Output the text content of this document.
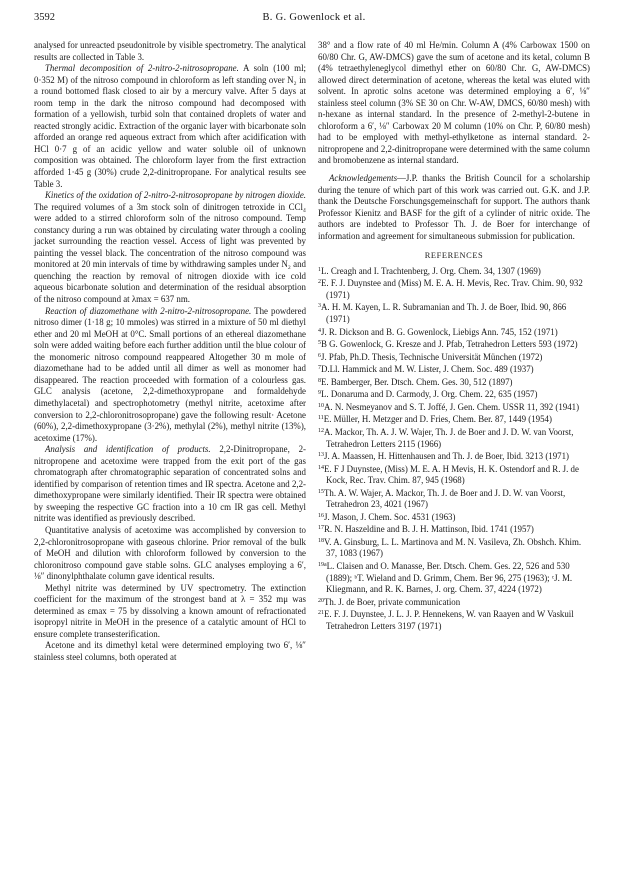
3592	B. G. Gowenlock et al.

analysed for unreacted pseudonitrole by visible spectrometry. The analytical results are collected in Table 3.

Thermal decomposition of 2-nitro-2-nitrosopropane. A soln (100 ml; 0·352 M) of the nitroso compound in chloroform as left standing over N₂ in a round bottomed flask closed to air by a mercury valve. After 5 days at room temp in the dark the nitroso compound had decomposed with formation of a yellowish, turbid soln that contained droplets of water and reacted strongly acidic. Extraction of the organic layer with bicarbonate soln afforded an orange red aqueous extract from which after acidification with HCl 0·7 g of an acidic yellow and water soluble oil of unknown composition was obtained. The chloroform layer from the first extraction afforded 1·45 g (30%) crude 2,2-dinitropropane. For analytical results see Table 3.

Kinetics of the oxidation of 2-nitro-2-nitrosopropane by nitrogen dioxide. The required volumes of a 3m stock soln of dinitrogen tetroxide in CCl₄ were added to a stirred chloroform soln of the nitroso compound. Temp constancy during a run was obtained by circulating water through a cooling jacket surrounding the reaction vessel. Access of light was prevented by painting the vessel black. The concentration of the nitroso compound was monitored at 20 min intervals of time by withdrawing samples under N₂ and quenching the reaction by removal of nitrogen dioxide with ice cold aqueous bicarbonate solution and determination of the residual absorption of the nitroso compound at λmax = 637 nm.

Reaction of diazomethane with 2-nitro-2-nitrosopropane. The powdered nitroso dimer (1·18 g; 10 mmoles) was stirred in a mixture of 50 ml diethyl ether and 20 ml MeOH at 0°C. Small portions of an ethereal diazomethane soln were added waiting before each further addition until the blue colour of the monomeric nitroso compound reappeared Altogether 30 m mole of diazomethane had to be added until all dimer as well as monomer had disappeared. The reaction proceeded with formation of a colourless gas. GLC analysis (acetone, 2,2-dimethoxypropane and formaldehyde dimethylacetal) and spectrophotometry (methyl nitrite, acetoxime after conversion to 2,2-chloronitrosopropane) gave the following result· Acetone (60%), 2,2-dimethoxypropane (3·2%), methylal (2%), methyl nitrite (13%), acetoxime (17%).

Analysis and identification of products. 2,2-Dinitropropane, 2-nitropropene and acetoxime were trapped from the exit port of the gas chromatograph after chromatographic separation of concentrated solns and identified by comparison of retention times and IR spectra. Acetone and 2,2-dimethoxypropane were similarly identified. Their IR spectra were obtained by sweeping the respective GC fraction into a 10 cm IR gas cell. Methyl nitrite was identified as previously described.

Quantitative analysis of acetoxime was accomplished by conversion to 2,2-chloronitrosopropane with gaseous chlorine. Prior removal of the bulk of MeOH and dilution with chloroform followed by conversion to the chloronitroso compound gave stable solns. GLC analyses employing a 6′, ⅛″ dinonylphthalate column gave identical results.

Methyl nitrite was determined by UV spectrometry. The extinction coefficient for the maximum of the strongest band at λ = 352 mμ was determined as εmax = 75 by dissolving a known amount of refractionated isopropyl nitrite in MeOH in the presence of a catalytic amount of HCl to ensure complete transesterification.

Acetone and its dimethyl ketal were determined employing two 6′, ⅛″ stainless steel columns, both operated at

38° and a flow rate of 40 ml He/min. Column A (4% Carbowax 1500 on 60/80 Chr. G, AW-DMCS) gave the sum of acetone and its ketal, column B (4% tetraethyleneglycol dimethyl ether on 60/80 Chr. G, AW-DMCS) allowed direct determination of acetone, whereas the ketal was eluted with solvent. In aprotic solns acetone was determined employing a 6′, ⅛″ stainless steel column (3% SE 30 on Chr. W-AW, DMCS, 60/80 mesh) with n-hexane as internal standard. In the presence of 2-methyl-2-butene in chloroform a 6′, ⅛″ Carbowax 20 M column (10% on Chr. P, 60/80 mesh) had to be employed with methyl-ethylketone as internal standard. 2-nitropropene and 2,2-dinitropropane were determined with the same column and bromobenzene as internal standard.

Acknowledgements—J.P. thanks the British Council for a scholarship during the tenure of which part of this work was carried out. G.K. and J.P. thank the Deutsche Forschungsgemeinschaft for support. The authors thank Professor Kienitz and BASF for the gift of a cylinder of nitric oxide. The authors are indebted to Professor Th. J. de Boer for interchange of information and agreement for simultaneous submission for publication.

REFERENCES

$^1$L. Creagh and I. Trachtenberg, J. Org. Chem. 34, 1307 (1969)

$^2$E. F. J. Duynstee and (Miss) M. E. A. H. Mevis, Rec. Trav. Chim. 90, 932 (1971)

$^3$A. H. M. Kayen, L. R. Subramanian and Th. J. de Boer, Ibid. 90, 866 (1971)

$^4$J. R. Dickson and B. G. Gowenlock, Liebigs Ann. 745, 152 (1971)

$^5$B G. Gowenlock, G. Kresze and J. Pfab, Tetrahedron Letters 593 (1972)

$^6$J. Pfab, Ph.D. Thesis, Technische Universität München (1972)

$^7$D.Ll. Hammick and M. W. Lister, J. Chem. Soc. 489 (1937)

$^8$E. Bamberger, Ber. Dtsch. Chem. Ges. 30, 512 (1897)

$^9$L. Donaruma and D. Carmody, J. Org. Chem. 22, 635 (1957)

$^{10}$A. N. Nesmeyanov and S. T. Joffé, J. Gen. Chem. USSR 11, 392 (1941)

$^{11}$E. Müller, H. Metzger and D. Fries, Chem. Ber. 87, 1449 (1954)

$^{12}$A. Mackor, Th. A. J. W. Wajer, Th. J. de Boer and J. D. W. van Voorst, Tetrahedron Letters 2115 (1966)

$^{13}$J. A. Maassen, H. Hittenhausen and Th. J. de Boer, Ibid. 3213 (1971)

$^{14}$E. F J Duynstee, (Miss) M. E. A. H Mevis, H. K. Ostendorf and R. J. de Kock, Rec. Trav. Chim. 87, 945 (1968)

$^{15}$Th. A. W. Wajer, A. Mackor, Th. J. de Boer and J. D. W. van Voorst, Tetrahedron 23, 4021 (1967)

$^{16}$J. Mason, J. Chem. Soc. 4531 (1963)

$^{17}$R. N. Haszeldine and B. J. H. Mattinson, Ibid. 1741 (1957)

$^{18}$V. A. Ginsburg, L. L. Martinova and M. N. Vasileva, Zh. Obshch. Khim. 37, 1083 (1967)

$^{19a}$L. Claisen and O. Manasse, Ber. Dtsch. Chem. Ges. 22, 526 and 530 (1889); ᵇT. Wieland and D. Grimm, Chem. Ber 96, 275 (1963); ᶜJ. M. Kliegmann, and R. K. Barnes, J. org. Chem. 37, 4224 (1972)

$^{20}$Th. J. de Boer, private communication

$^{21}$E. F. J. Duynstee, J. L. J. P. Hennekens, W. van Raayen and W Vaskuil Tetrahedron Letters 3197 (1971)
